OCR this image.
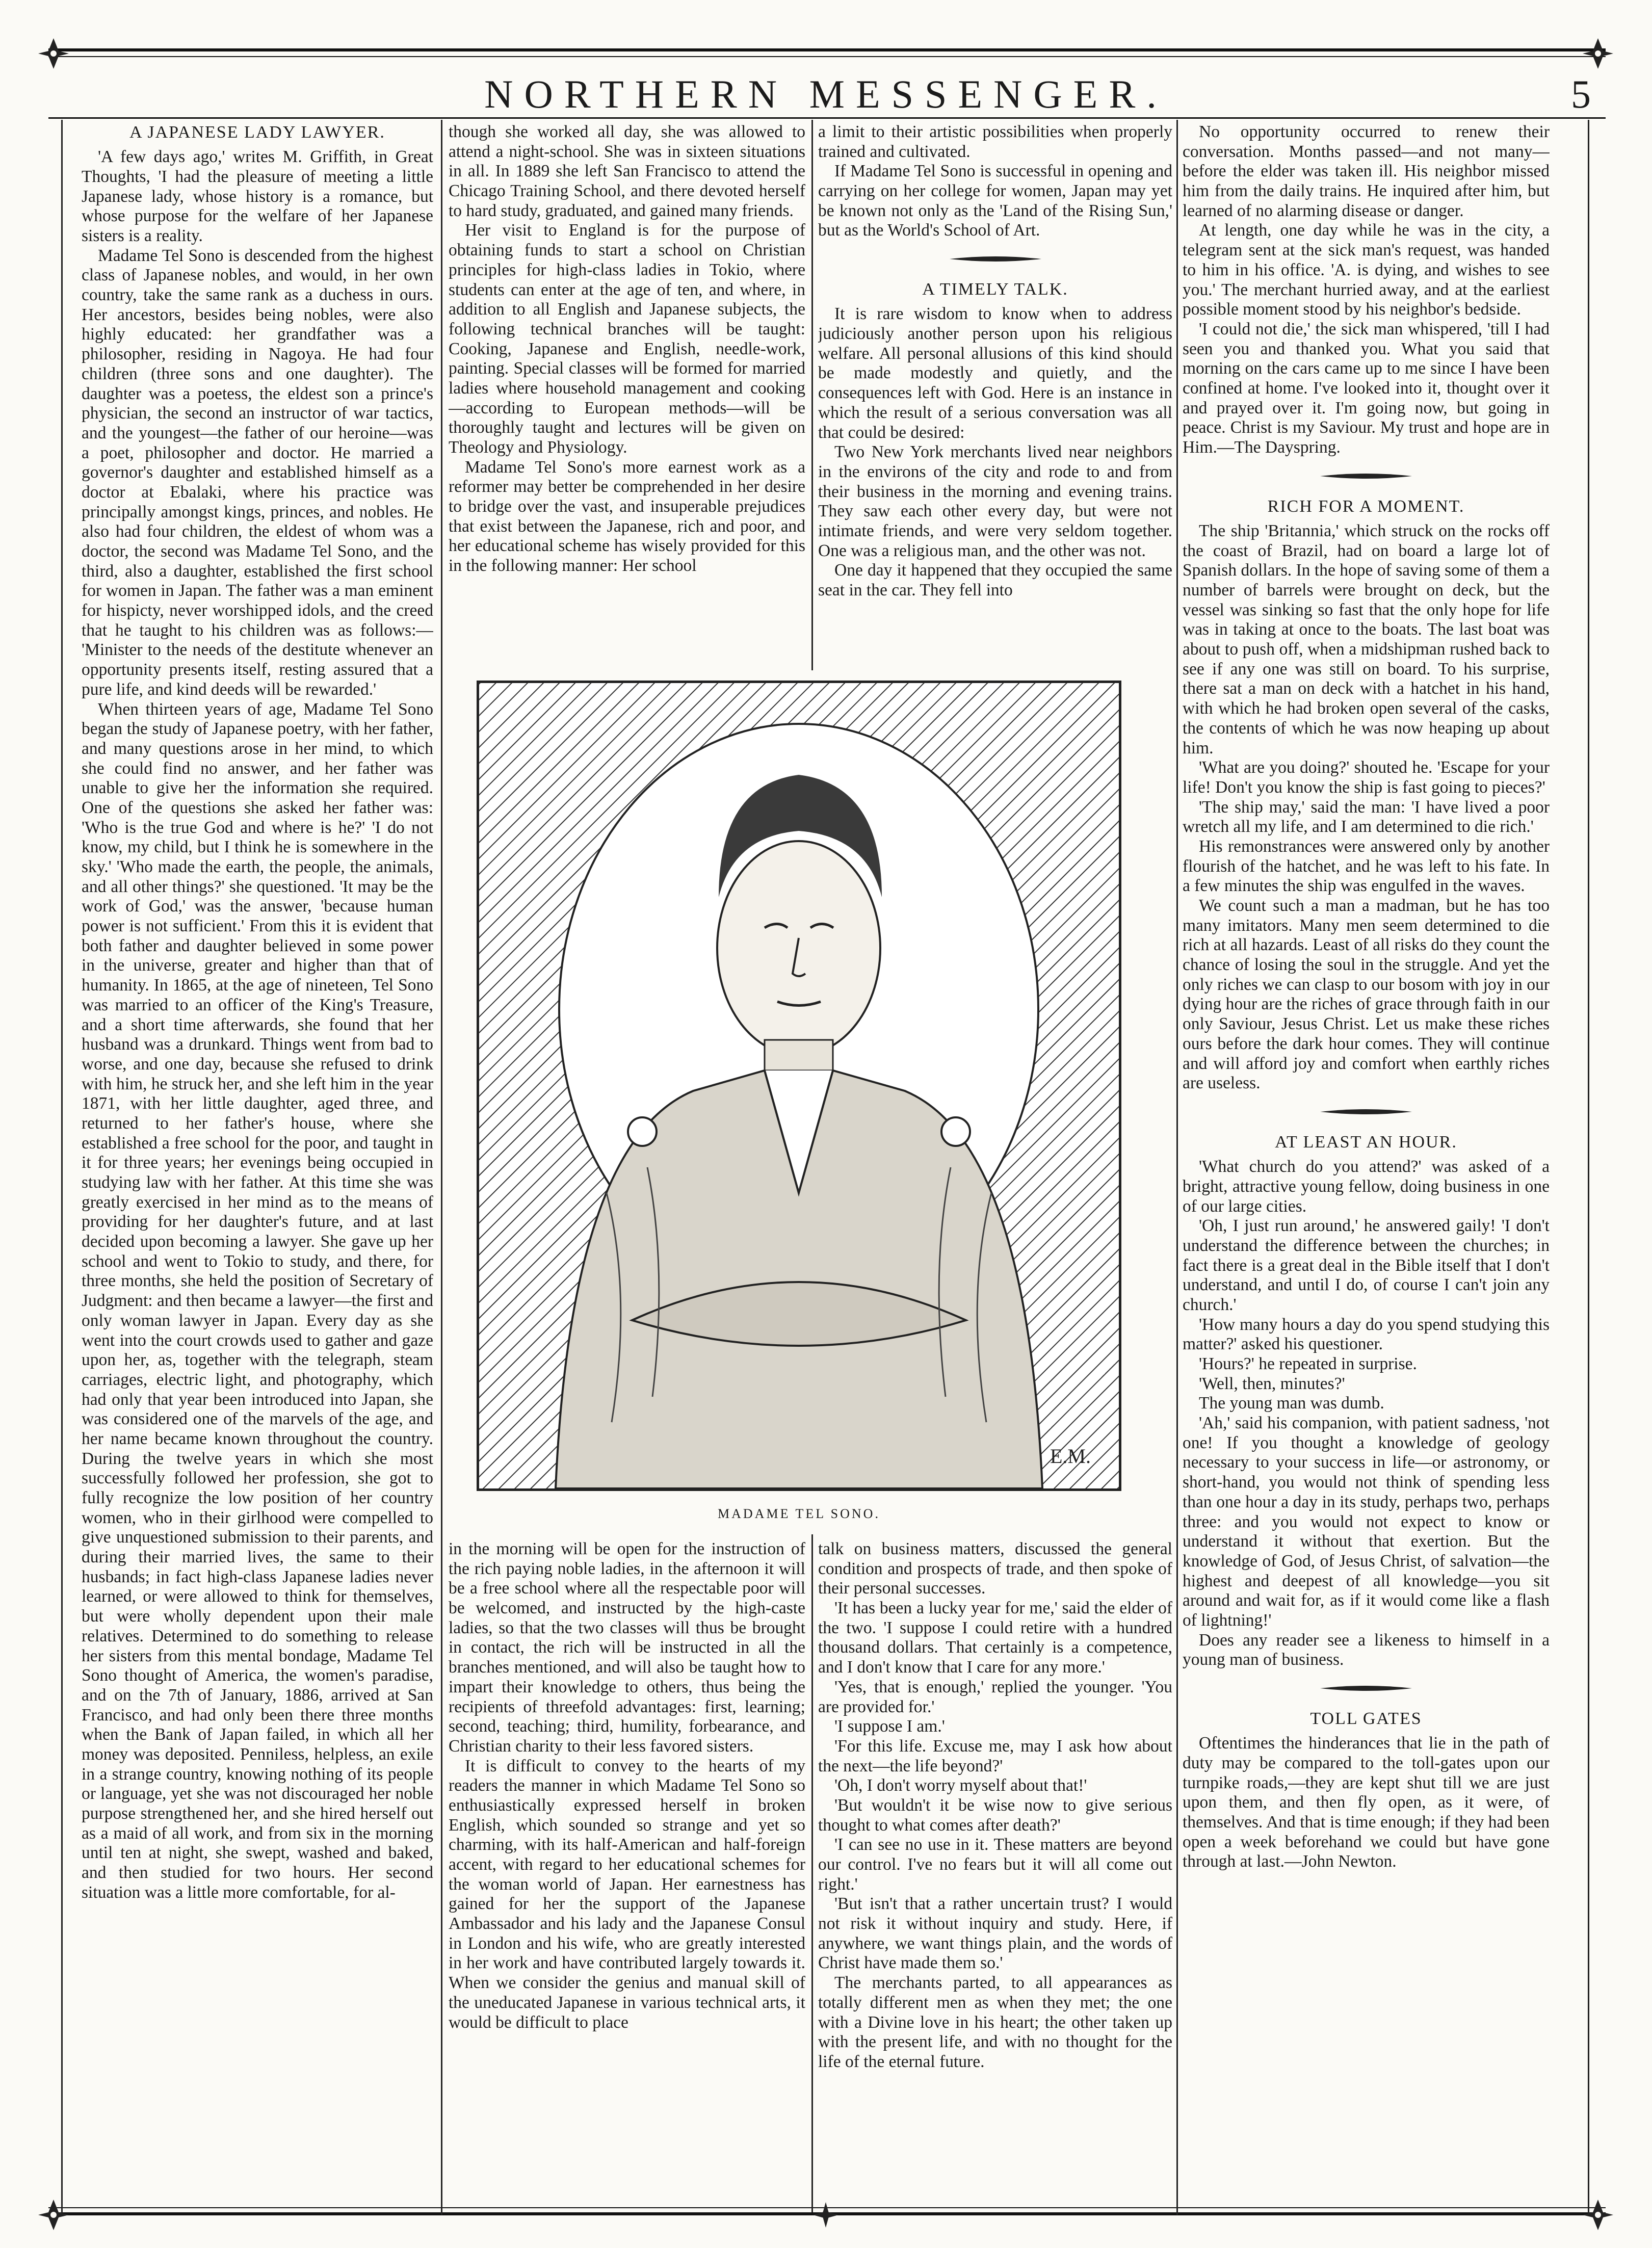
NORTHERN MESSENGER.	5
A JAPANESE LADY LAWYER.

'A few days ago,' writes M. Griffith, in Great Thoughts, 'I had the pleasure of meeting a little Japanese lady, whose history is a romance, but whose purpose for the welfare of her Japanese sisters is a reality.

Madame Tel Sono is descended from the highest class of Japanese nobles, and would, in her own country, take the same rank as a duchess in ours. Her ancestors, besides being nobles, were also highly educated: her grandfather was a philosopher, residing in Nagoya. He had four children (three sons and one daughter). The daughter was a poetess, the eldest son a prince's physician, the second an instructor of war tactics, and the youngest—the father of our heroine—was a poet, philosopher and doctor. He married a governor's daughter and established himself as a doctor at Ebalaki, where his practice was principally amongst kings, princes, and nobles. He also had four children, the eldest of whom was a doctor, the second was Madame Tel Sono, and the third, also a daughter, established the first school for women in Japan. The father was a man eminent for hispicty, never worshipped idols, and the creed that he taught to his children was as follows:— 'Minister to the needs of the destitute whenever an opportunity presents itself, resting assured that a pure life, and kind deeds will be rewarded.'

When thirteen years of age, Madame Tel Sono began the study of Japanese poetry, with her father, and many questions arose in her mind, to which she could find no answer, and her father was unable to give her the information she required. One of the questions she asked her father was: 'Who is the true God and where is he?' 'I do not know, my child, but I think he is somewhere in the sky.' 'Who made the earth, the people, the animals, and all other things?' she questioned. 'It may be the work of God,' was the answer, 'because human power is not sufficient.' From this it is evident that both father and daughter believed in some power in the universe, greater and higher than that of humanity. In 1865, at the age of nineteen, Tel Sono was married to an officer of the King's Treasure, and a short time afterwards, she found that her husband was a drunkard. Things went from bad to worse, and one day, because she refused to drink with him, he struck her, and she left him in the year 1871, with her little daughter, aged three, and returned to her father's house, where she established a free school for the poor, and taught in it for three years; her evenings being occupied in studying law with her father. At this time she was greatly exercised in her mind as to the means of providing for her daughter's future, and at last decided upon becoming a lawyer. She gave up her school and went to Tokio to study, and there, for three months, she held the position of Secretary of Judgment: and then became a lawyer—the first and only woman lawyer in Japan. Every day as she went into the court crowds used to gather and gaze upon her, as, together with the telegraph, steam carriages, electric light, and photography, which had only that year been introduced into Japan, she was considered one of the marvels of the age, and her name became known throughout the country. During the twelve years in which she most successfully followed her profession, she got to fully recognize the low position of her country women, who in their girlhood were compelled to give unquestioned submission to their parents, and during their married lives, the same to their husbands; in fact high-class Japanese ladies never learned, or were allowed to think for themselves, but were wholly dependent upon their male relatives. Determined to do something to release her sisters from this mental bondage, Madame Tel Sono thought of America, the women's paradise, and on the 7th of January, 1886, arrived at San Francisco, and had only been there three months when the Bank of Japan failed, in which all her money was deposited. Penniless, helpless, an exile in a strange country, knowing nothing of its people or language, yet she was not discouraged her noble purpose strengthened her, and she hired herself out as a maid of all work, and from six in the morning until ten at night, she swept, washed and baked, and then studied for two hours. Her second situation was a little more comfortable, for al-

though she worked all day, she was allowed to attend a night-school. She was in sixteen situations in all. In 1889 she left San Francisco to attend the Chicago Training School, and there devoted herself to hard study, graduated, and gained many friends.

Her visit to England is for the purpose of obtaining funds to start a school on Christian principles for high-class ladies in Tokio, where students can enter at the age of ten, and where, in addition to all English and Japanese subjects, the following technical branches will be taught: Cooking, Japanese and English, needle-work, painting. Special classes will be formed for married ladies where household management and cooking—according to European methods—will be thoroughly taught and lectures will be given on Theology and Physiology.

Madame Tel Sono's more earnest work as a reformer may better be comprehended in her desire to bridge over the vast, and insuperable prejudices that exist between the Japanese, rich and poor, and her educational scheme has wisely provided for this in the following manner: Her school

a limit to their artistic possibilities when properly trained and cultivated.

If Madame Tel Sono is successful in opening and carrying on her college for women, Japan may yet be known not only as the 'Land of the Rising Sun,' but as the World's School of Art.

A TIMELY TALK.

It is rare wisdom to know when to address judiciously another person upon his religious welfare. All personal allusions of this kind should be made modestly and quietly, and the consequences left with God. Here is an instance in which the result of a serious conversation was all that could be desired:

Two New York merchants lived near neighbors in the environs of the city and rode to and from their business in the morning and evening trains. They saw each other every day, but were not intimate friends, and were very seldom together. One was a religious man, and the other was not.

One day it happened that they occupied the same seat in the car. They fell into

E.M.
MADAME TEL SONO.

in the morning will be open for the instruction of the rich paying noble ladies, in the afternoon it will be a free school where all the respectable poor will be welcomed, and instructed by the high-caste ladies, so that the two classes will thus be brought in contact, the rich will be instructed in all the branches mentioned, and will also be taught how to impart their knowledge to others, thus being the recipients of threefold advantages: first, learning; second, teaching; third, humility, forbearance, and Christian charity to their less favored sisters.

It is difficult to convey to the hearts of my readers the manner in which Madame Tel Sono so enthusiastically expressed herself in broken English, which sounded so strange and yet so charming, with its half-American and half-foreign accent, with regard to her educational schemes for the woman world of Japan. Her earnestness has gained for her the support of the Japanese Ambassador and his lady and the Japanese Consul in London and his wife, who are greatly interested in her work and have contributed largely towards it. When we consider the genius and manual skill of the uneducated Japanese in various technical arts, it would be difficult to place

talk on business matters, discussed the general condition and prospects of trade, and then spoke of their personal successes.

'It has been a lucky year for me,' said the elder of the two. 'I suppose I could retire with a hundred thousand dollars. That certainly is a competence, and I don't know that I care for any more.'

'Yes, that is enough,' replied the younger. 'You are provided for.'

'I suppose I am.'

'For this life. Excuse me, may I ask how about the next—the life beyond?'

'Oh, I don't worry myself about that!'

'But wouldn't it be wise now to give serious thought to what comes after death?'

'I can see no use in it. These matters are beyond our control. I've no fears but it will all come out right.'

'But isn't that a rather uncertain trust? I would not risk it without inquiry and study. Here, if anywhere, we want things plain, and the words of Christ have made them so.'

The merchants parted, to all appearances as totally different men as when they met; the one with a Divine love in his heart; the other taken up with the present life, and with no thought for the life of the eternal future.

No opportunity occurred to renew their conversation. Months passed—and not many—before the elder was taken ill. His neighbor missed him from the daily trains. He inquired after him, but learned of no alarming disease or danger.

At length, one day while he was in the city, a telegram sent at the sick man's request, was handed to him in his office. 'A. is dying, and wishes to see you.' The merchant hurried away, and at the earliest possible moment stood by his neighbor's bedside.

'I could not die,' the sick man whispered, 'till I had seen you and thanked you. What you said that morning on the cars came up to me since I have been confined at home. I've looked into it, thought over it and prayed over it. I'm going now, but going in peace. Christ is my Saviour. My trust and hope are in Him.—The Dayspring.

RICH FOR A MOMENT.

The ship 'Britannia,' which struck on the rocks off the coast of Brazil, had on board a large lot of Spanish dollars. In the hope of saving some of them a number of barrels were brought on deck, but the vessel was sinking so fast that the only hope for life was in taking at once to the boats. The last boat was about to push off, when a midshipman rushed back to see if any one was still on board. To his surprise, there sat a man on deck with a hatchet in his hand, with which he had broken open several of the casks, the contents of which he was now heaping up about him.

'What are you doing?' shouted he. 'Escape for your life! Don't you know the ship is fast going to pieces?'

'The ship may,' said the man: 'I have lived a poor wretch all my life, and I am determined to die rich.'

His remonstrances were answered only by another flourish of the hatchet, and he was left to his fate. In a few minutes the ship was engulfed in the waves.

We count such a man a madman, but he has too many imitators. Many men seem determined to die rich at all hazards. Least of all risks do they count the chance of losing the soul in the struggle. And yet the only riches we can clasp to our bosom with joy in our dying hour are the riches of grace through faith in our only Saviour, Jesus Christ. Let us make these riches ours before the dark hour comes. They will continue and will afford joy and comfort when earthly riches are useless.

AT LEAST AN HOUR.

'What church do you attend?' was asked of a bright, attractive young fellow, doing business in one of our large cities.

'Oh, I just run around,' he answered gaily! 'I don't understand the difference between the churches; in fact there is a great deal in the Bible itself that I don't understand, and until I do, of course I can't join any church.'

'How many hours a day do you spend studying this matter?' asked his questioner.

'Hours?' he repeated in surprise.

'Well, then, minutes?'

The young man was dumb.

'Ah,' said his companion, with patient sadness, 'not one! If you thought a knowledge of geology necessary to your success in life—or astronomy, or short-hand, you would not think of spending less than one hour a day in its study, perhaps two, perhaps three: and you would not expect to know or understand it without that exertion. But the knowledge of God, of Jesus Christ, of salvation—the highest and deepest of all knowledge—you sit around and wait for, as if it would come like a flash of lightning!'

Does any reader see a likeness to himself in a young man of business.

TOLL GATES

Oftentimes the hinderances that lie in the path of duty may be compared to the toll-gates upon our turnpike roads,—they are kept shut till we are just upon them, and then fly open, as it were, of themselves. And that is time enough; if they had been open a week beforehand we could but have gone through at last.—John Newton.
